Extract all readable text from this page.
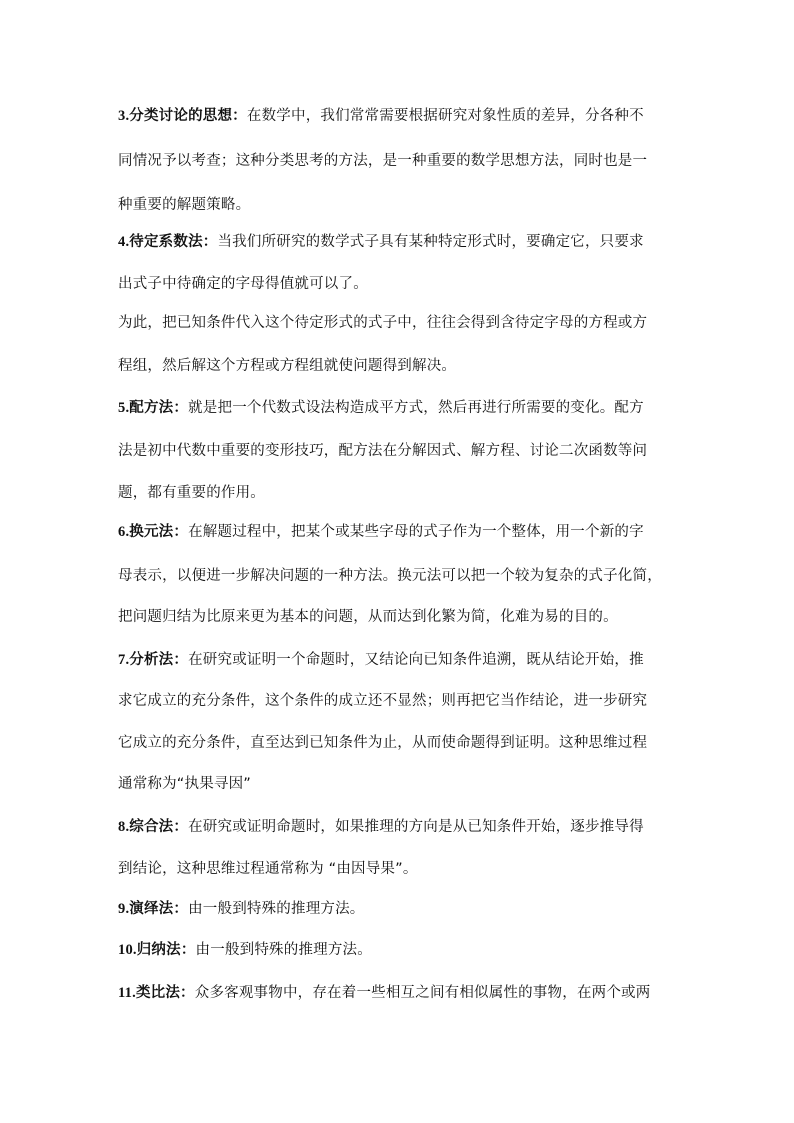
3.分类讨论的思想：在数学中，我们常常需要根据研究对象性质的差异，分各种不
同情况予以考查；这种分类思考的方法，是一种重要的数学思想方法，同时也是一
种重要的解题策略。
4.待定系数法：当我们所研究的数学式子具有某种特定形式时，要确定它，只要求
出式子中待确定的字母得值就可以了。
为此，把已知条件代入这个待定形式的式子中，往往会得到含待定字母的方程或方
程组，然后解这个方程或方程组就使问题得到解决。
5.配方法：就是把一个代数式设法构造成平方式，然后再进行所需要的变化。配方
法是初中代数中重要的变形技巧，配方法在分解因式、解方程、讨论二次函数等问
题，都有重要的作用。
6.换元法：在解题过程中，把某个或某些字母的式子作为一个整体，用一个新的字
母表示，以便进一步解决问题的一种方法。换元法可以把一个较为复杂的式子化简，
把问题归结为比原来更为基本的问题，从而达到化繁为简，化难为易的目的。
7.分析法：在研究或证明一个命题时，又结论向已知条件追溯，既从结论开始，推
求它成立的充分条件，这个条件的成立还不显然；则再把它当作结论，进一步研究
它成立的充分条件，直至达到已知条件为止，从而使命题得到证明。这种思维过程
通常称为“执果寻因”
8.综合法：在研究或证明命题时，如果推理的方向是从已知条件开始，逐步推导得
到结论，这种思维过程通常称为 “由因导果”。
9.演绎法：由一般到特殊的推理方法。
10.归纳法：由一般到特殊的推理方法。
11.类比法：众多客观事物中，存在着一些相互之间有相似属性的事物，在两个或两
